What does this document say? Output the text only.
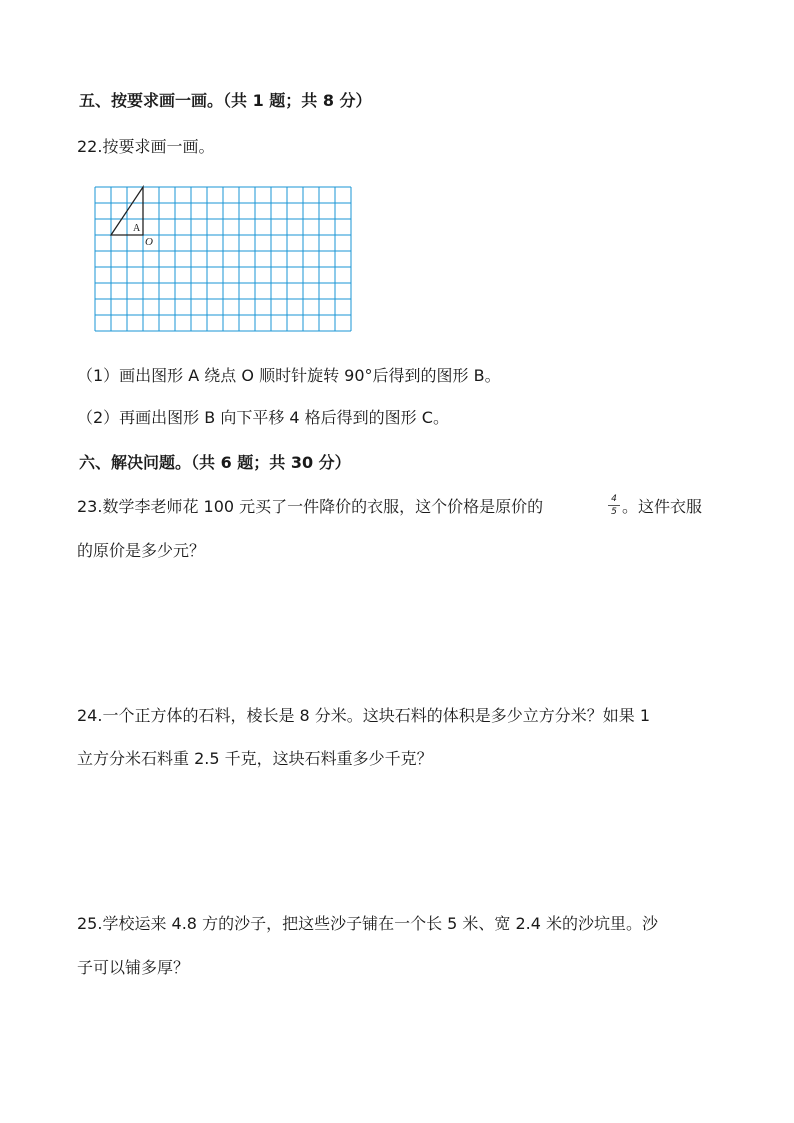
五、按要求画一画。（共 1 题；共 8 分）
22.按要求画一画。
A
O
（1）画出图形 A 绕点 O 顺时针旋转 90°后得到的图形 B。
（2）再画出图形 B 向下平移 4 格后得到的图形 C。
六、解决问题。（共 6 题；共 30 分）
23.数学李老师花 100 元买了一件降价的衣服，这个价格是原价的	$\frac{4}{5}$ 。这件衣服
的原价是多少元？
24.一个正方体的石料，棱长是 8 分米。这块石料的体积是多少立方分米？如果 1
立方分米石料重 2.5 千克，这块石料重多少千克？
25.学校运来 4.8 方的沙子，把这些沙子铺在一个长 5 米、宽 2.4 米的沙坑里。沙
子可以铺多厚？
